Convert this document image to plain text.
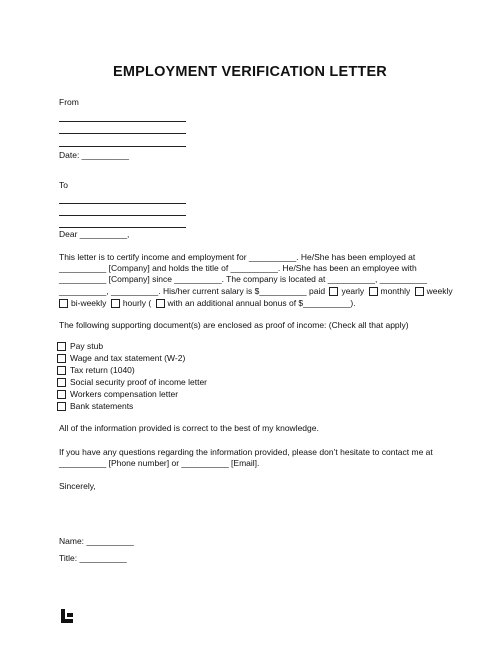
EMPLOYMENT VERIFICATION LETTER
From
Date: __________
To
Dear __________,
This letter is to certify income and employment for __________. He/She has been employed at
__________ [Company] and holds the title of __________. He/She has been an employee with
__________ [Company] since __________. The company is located at __________, __________
__________, __________. His/her current salary is $__________ paid yearly monthly weekly
bi-weekly hourly ( with an additional annual bonus of $__________).
The following supporting document(s) are enclosed as proof of income: (Check all that apply)
Pay stub
Wage and tax statement (W-2)
Tax return (1040)
Social security proof of income letter
Workers compensation letter
Bank statements
All of the information provided is correct to the best of my knowledge.
If you have any questions regarding the information provided, please don’t hesitate to contact me at
__________ [Phone number] or __________ [Email].
Sincerely,
Name: __________
Title: __________
